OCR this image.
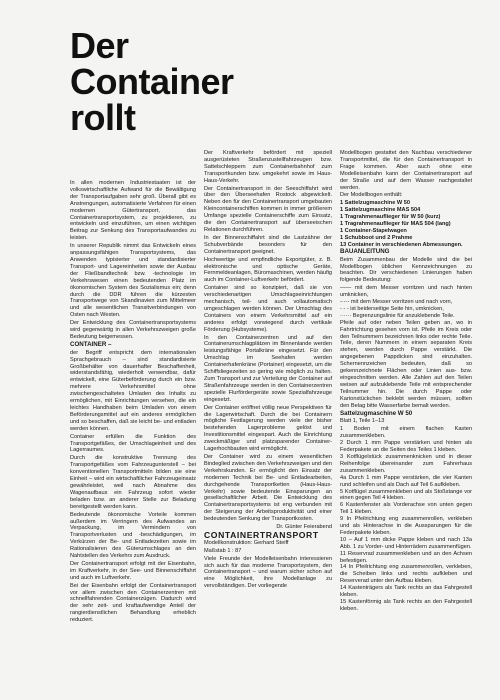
Der
Container
rollt

In allen modernen Industriestaaten ist der volkswirtschaftliche Aufwand für die Bewältigung der Transportaufgaben sehr groß. Überall gibt es Anstrengungen, automatisierte Verfahren für einen modernen Gütertransport, das Containertransportsystem, zu projektieren, zu entwickeln und einzuführen, um einen wichtigen Beitrag zur Senkung des Transportaufwandes zu leisten.

In unserer Republik nimmt das Entwickeln eines anpassungsfähigen Transportsystems, das Anwenden typisierter und standardisierter Transport- und Lagereinheiten sowie der Ausbau der Fließbandtechnik bzw. -technologie im Verkehrswesen einen bedeutenden Platz im ökonomischen System des Sozialismus ein; denn durch die DDR führen die kürzesten Transportwege von Skandinavien zum Mittelmeer und alle wesentlichen Transitverbindungen von Osten nach Westen.

Der Entwicklung des Containertransportsystems wird gegenwärtig in allen Verkehrszweigen große Bedeutung beigemessen.

CONTAINER –

der Begriff entspricht dem internationalen Sprachgebrauch – sind standardisierte Großbehälter von dauerhafter Beschaffenheit, widerstandsfähig, wiederholt verwendbar, dafür entwickelt, eine Güterbeförderung durch ein bzw. mehrere Verkehrsmittel ohne zwischengeschaltetes Umladen des Inhalts zu ermöglichen, mit Einrichtungen versehen, die ein leichtes Handhaben beim Umladen von einem Beförderungsmittel auf ein anderes ermöglichen und so beschaffen, daß sie leicht be- und entladen werden können.

Container erfüllen die Funktion des Transportgefäßes, der Umschlageinheit und des Lagerraumes.

Durch die konstruktive Trennung des Transportgefäßes vom Fahrzeugunterstell – bei konventionellen Transportmitteln bilden sie eine Einheit – wird ein wirtschaftlicher Fahrzeugeinsatz gewährleistet, weil nach Abnahme des Wagenaufbaus ein Fahrzeug sofort wieder beladen bzw. an anderer Stelle zur Beladung bereitgestellt werden kann.

Bedeutende ökonomische Vorteile kommen außerdem im Verringern des Aufwandes an Verpackung, im Vermindern von Transportverlusten und -beschädigungen, im Verkürzen der Be- und Entladezeiten sowie im Rationalisieren des Güterumschlages an den Nahtstellen des Verkehrs zum Ausdruck.

Der Containertransport erfolgt mit der Eisenbahn, im Kraftverkehr, in der See- und Binnenschiffahrt und auch im Luftverkehr.

Bei der Eisenbahn erfolgt der Containertransport vor allem zwischen den Containerzentren mit schnellfahrenden Containerzügen. Dadurch wird der sehr zeit- und kraftaufwendige Anteil der rangierdienstlichen Behandlung erheblich reduziert.

Der Kraftverkehr befördert mit speziell ausgerüsteten Straßenzustellfahrzeugen bzw. Sattelschleppern zum Containerbahnhof zum Transportkunden bzw. umgekehrt sowie im Haus-Haus-Verkehr.

Der Containertransport in der Seeschiffahrt wird über den Überseehafen Rostock abgewickelt. Neben den für den Containertransport umgebauten Kleincontainerschiffen kommen in immer größerem Umfange spezielle Containerschiffe zum Einsatz, die den Containertransport auf überseeischen Relationen durchführen.

In der Binnenschiffahrt sind die Lastzähne der Schubverbände besonders für den Containertransport geeignet.

Hochwertige und empfindliche Exportgüter, z. B. elektronische und optische Geräte, Fernmeldeanlagen, Büromaschinen, werden häufig auch im Container-Luftverkehr befördert.

Container sind so konzipiert, daß sie von verschiedenartigen Umschlagseinrichtungen mechanisch, teil- und auch vollautomatisch umgeschlagen werden können. Der Umschlag des Containers von einem Verkehrsmittel auf ein anderes erfolgt vorwiegend durch vertikale Förderung (Hubsysteme).

In den Containerzentren und auf den Containerumschlagplätzen im Binnenlande werden leistungsfähige Portalkräne eingesetzt. Für den Umschlag im Seehafen werden Containerhafenkräne (Portainer) eingesetzt, um die Schiffsliegezeiten so gering wie möglich zu halten. Zum Transport und zur Verteilung der Container auf Straßenfahrzeuge werden in den Containerzentren spezielle Flurfördergeräte sowie Spezialfahrzeuge eingesetzt.

Der Container eröffnet völlig neue Perspektiven für die Lagerwirtschaft. Durch die bei Containern mögliche Festlagerung werden viele der bisher bestehenden Lagerprobleme gelöst und Investitionsmittel eingespart. Auch die Einrichtung zweckmäßiger und platzsparender Container-Lagerhochbauten wird ermöglicht.

Der Container wird zu einem wesentlichen Bindeglied zwischen den Verkehrszweigen und den Verkehrskunden. Er ermöglicht den Einsatz der modernen Technik bei Be- und Entladearbeiten, durchgehende Transportketten (Haus-Haus-Verkehr) sowie bedeutende Einsparungen an gesellschaftlicher Arbeit. Die Entwicklung des Containertransportsystems ist eng verbunden mit der Steigerung der Arbeitsproduktivität und einer bedeutenden Senkung der Transportkosten.

Dr. Günter Feierabend

CONTAINERTRANSPORT

Modellkonstruktion: Gerhard Steiff

Maßstab 1 : 87

Viele Freunde der Modelleisenbahn interessieren sich auch für das moderne Transportsystem, den Containertransport – und warum sicher schon auf eine Möglichkeit, ihre Modellanlage zu vervollständigen. Der vorliegende

Modellbogen gestattet den Nachbau verschiedener Transportmittel, die für den Containertransport in Frage kommen. Aber auch ohne eine Modelleisenbahn kann der Containertransport auf der Straße und auf dem Wasser nachgestaltet werden.

Der Modellbogen enthält:

1 Sattelzugmaschine W 50
1 Sattelzugmaschine MAS 504
1 Tragrahmenauflieger für W 50 (kurz)
1 Tragrahmenauflieger für MAS 504 (lang)
1 Container-Stapelwagen
1 Schubboot und 2 Prahme
13 Container in verschiedenen Abmessungen.

BAUANLEITUNG

Beim Zusammenbau der Modelle sind die bei Modellbogen üblichen Kennzeichnungen zu beachten. Dir verschiedenen Linierungen haben folgende Bedeutung:

—— mit dem Messer vorritzen und nach hinten umknicken,
-·-·- mit dem Messer vorritzen und nach vorn,
- - - ist beiderseitige Seite hin, umknicken,
······ Begrenzungslinie für anzuklebende Teile.

Pfeile auf oder neben Teilen geben an, wo in Fahrtrichtung gesehen vorn ist. Pfeile im Kreis oder den Teilnummern bezeichnen links oder rechte Teile. Teile, deren Nummern in einem separaten Kreis stehen, werden durch Pappe verstärkt. Die angegebenen Pappdicken sind einzuhalten. Schernennzeichen bedeuten, daß so gekennzeichnete Flächen oder Linien aus- bzw. eingeschnitten werden. Alle Zahlen auf den Teilen weisen auf aufzuklebende Teile mit entsprechender Teilnummer hin. Die durch Pappe oder Kartonstückchen beklebt werden müssen, sollten den Belag bitte Wasserfarbe bemalt werden.

Sattelzugmaschine W 50

Blatt 1, Teile 1–13

1 Boden mit einem flachen Kasten zusammenkleben.
2 Durch 1 mm Pappe verstärken und hinten als Federpakete an die Seiten des Teiles 1 kleben.
3 Kotflügelstück zusammenknicken und in dieser Reihenfolge übereinander zum Fahrerhaus zusammenkleben.
4a Durch 1 mm Pappe verstärken, die vier Kanten rund schleifen und als Dach auf Teil 6 aufkleben.
5 Kotflügel zusammenkleben und als Stoßstange vor einen gegen Teil 4 kleben.
6 Kastenfenster als Vorderachse von unten gegen Teil 1 kleben.
9 In Pfeilrichtung eng zusammenrollen, verkleben und als Hinterachse in die Aussparungen für die Federpakete kleben.
10 – Auf 1 mm dicke Pappe kleben und nach 13a Abb. 1 zu Vorder- und Hinterrädern zusammenfügen.
11 Reservrad zusammenkleben und an den Achsen befestigen.
14 In Pfeilrichtung eng zusammenrollen, verkleben, die Scheiben links und rechts aufkleben und Reserverad unter den Aufbau kleben.
14 Kastenträgers als Tank rechts an das Fahrgestell kleben.
15 Kastenförmig als Tank rechts an den Fahrgestell kleben.
